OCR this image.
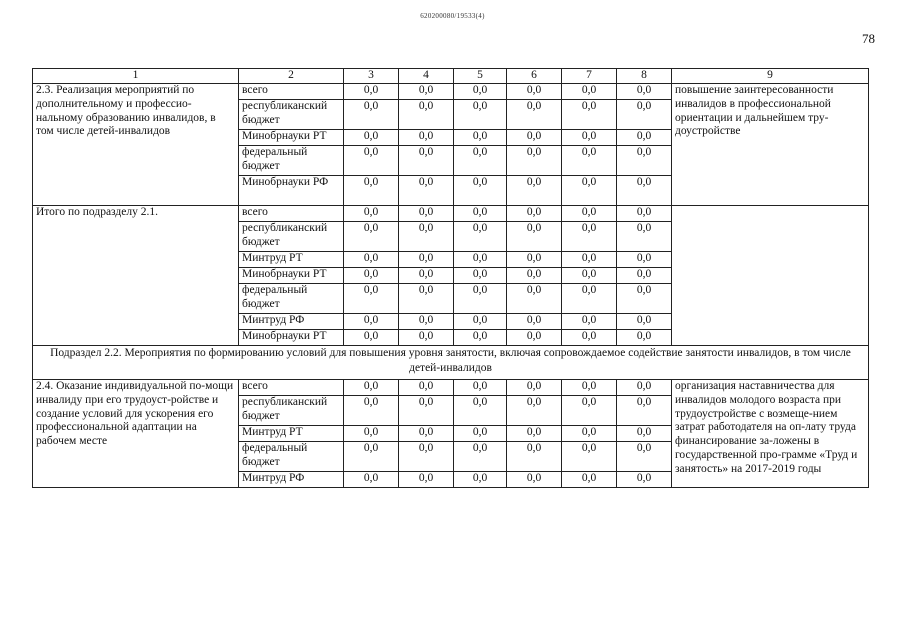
620200080/19533(4)
78
1	2	3	4	5	6	7	8	9
2.3. Реализация мероприятий по дополнительному и профессио-нальному образованию инвалидов, в том числе детей-инвалидов	всего	0,0	0,0	0,0	0,0	0,0	0,0	повышение заинтересованности инвалидов в профессиональной ориентации и дальнейшем тру-доустройстве
	республиканский бюджет	0,0	0,0	0,0	0,0	0,0	0,0	
	Минобрнауки РТ	0,0	0,0	0,0	0,0	0,0	0,0	
	федеральный бюджет	0,0	0,0	0,0	0,0	0,0	0,0	
	Минобрнауки РФ	0,0	0,0	0,0	0,0	0,0	0,0	
Итого по подразделу 2.1.	всего	0,0	0,0	0,0	0,0	0,0	0,0	
	республиканский бюджет	0,0	0,0	0,0	0,0	0,0	0,0	
	Минтруд РТ	0,0	0,0	0,0	0,0	0,0	0,0	
	Минобрнауки РТ	0,0	0,0	0,0	0,0	0,0	0,0	
	федеральный бюджет	0,0	0,0	0,0	0,0	0,0	0,0	
	Минтруд РФ	0,0	0,0	0,0	0,0	0,0	0,0	
	Минобрнауки РТ	0,0	0,0	0,0	0,0	0,0	0,0	
Подраздел 2.2. Мероприятия по формированию условий для повышения уровня занятости, включая сопровождаемое содействие занятости инвалидов, в том числе детей-инвалидов								
2.4. Оказание индивидуальной по-мощи инвалиду при его трудоуст-ройстве и создание условий для ускорения его профессиональной адаптации на рабочем месте	всего	0,0	0,0	0,0	0,0	0,0	0,0	организация наставничества для инвалидов молодого возраста при трудоустройстве с возмеще-нием затрат работодателя на оп-лату труда финансирование за-ложены в государственной про-грамме «Труд и занятость» на 2017-2019 годы
	республиканский бюджет	0,0	0,0	0,0	0,0	0,0	0,0	
	Минтруд РТ	0,0	0,0	0,0	0,0	0,0	0,0	
	федеральный бюджет	0,0	0,0	0,0	0,0	0,0	0,0	
	Минтруд РФ	0,0	0,0	0,0	0,0	0,0	0,0	
